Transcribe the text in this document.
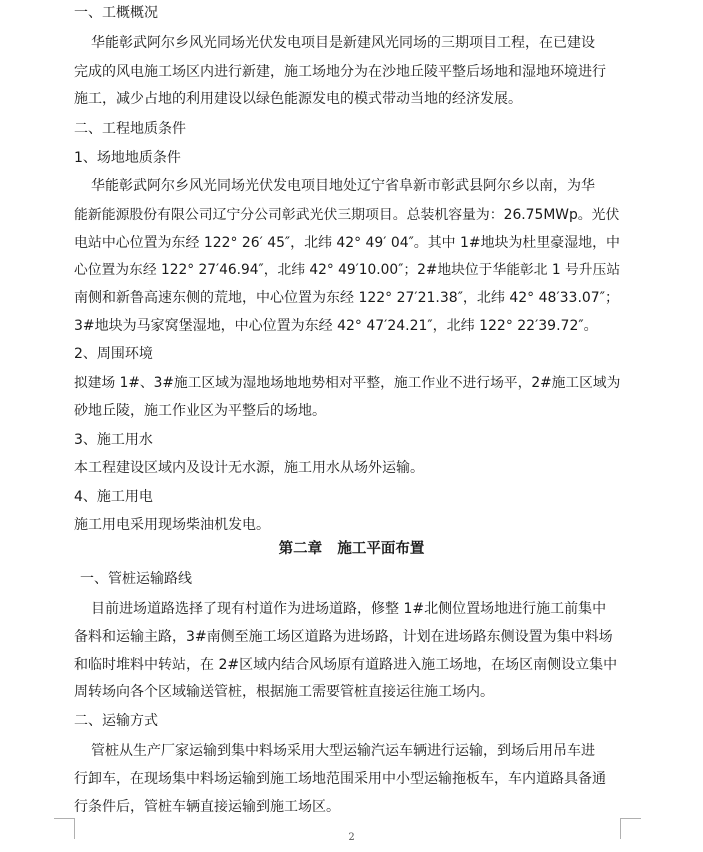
一、工概概况
华能彰武阿尔乡风光同场光伏发电项目是新建风光同场的三期项目工程，在已建设
完成的风电施工场区内进行新建，施工场地分为在沙地丘陵平整后场地和湿地环境进行
施工，减少占地的利用建设以绿色能源发电的模式带动当地的经济发展。
二、工程地质条件
1、场地地质条件
华能彰武阿尔乡风光同场光伏发电项目地处辽宁省阜新市彰武县阿尔乡以南，为华
能新能源股份有限公司辽宁分公司彰武光伏三期项目。总装机容量为：26.75MWp。光伏
电站中心位置为东经 122° 26′ 45″，北纬 42° 49′ 04″。其中 1#地块为杜里豪湿地，中
心位置为东经 122° 27′46.94″，北纬 42° 49′10.00″；2#地块位于华能彰北 1 号升压站
南侧和新鲁高速东侧的荒地，中心位置为东经 122° 27′21.38″，北纬 42° 48′33.07″；
3#地块为马家窝堡湿地，中心位置为东经 42° 47′24.21″，北纬 122° 22′39.72″。
2、周围环境
拟建场 1#、3#施工区域为湿地场地地势相对平整，施工作业不进行场平，2#施工区域为
砂地丘陵，施工作业区为平整后的场地。
3、施工用水
本工程建设区域内及设计无水源，施工用水从场外运输。
4、施工用电
施工用电采用现场柴油机发电。
第二章   施工平面布置
一、管桩运输路线
目前进场道路选择了现有村道作为进场道路，修整 1#北侧位置场地进行施工前集中
备料和运输主路，3#南侧至施工场区道路为进场路，计划在进场路东侧设置为集中料场
和临时堆料中转站，在 2#区域内结合风场原有道路进入施工场地，在场区南侧设立集中
周转场向各个区域输送管桩，根据施工需要管桩直接运往施工场内。
二、运输方式
管桩从生产厂家运输到集中料场采用大型运输汽运车辆进行运输，到场后用吊车进
行卸车，在现场集中料场运输到施工场地范围采用中小型运输拖板车，车内道路具备通
行条件后，管桩车辆直接运输到施工场区。
2
